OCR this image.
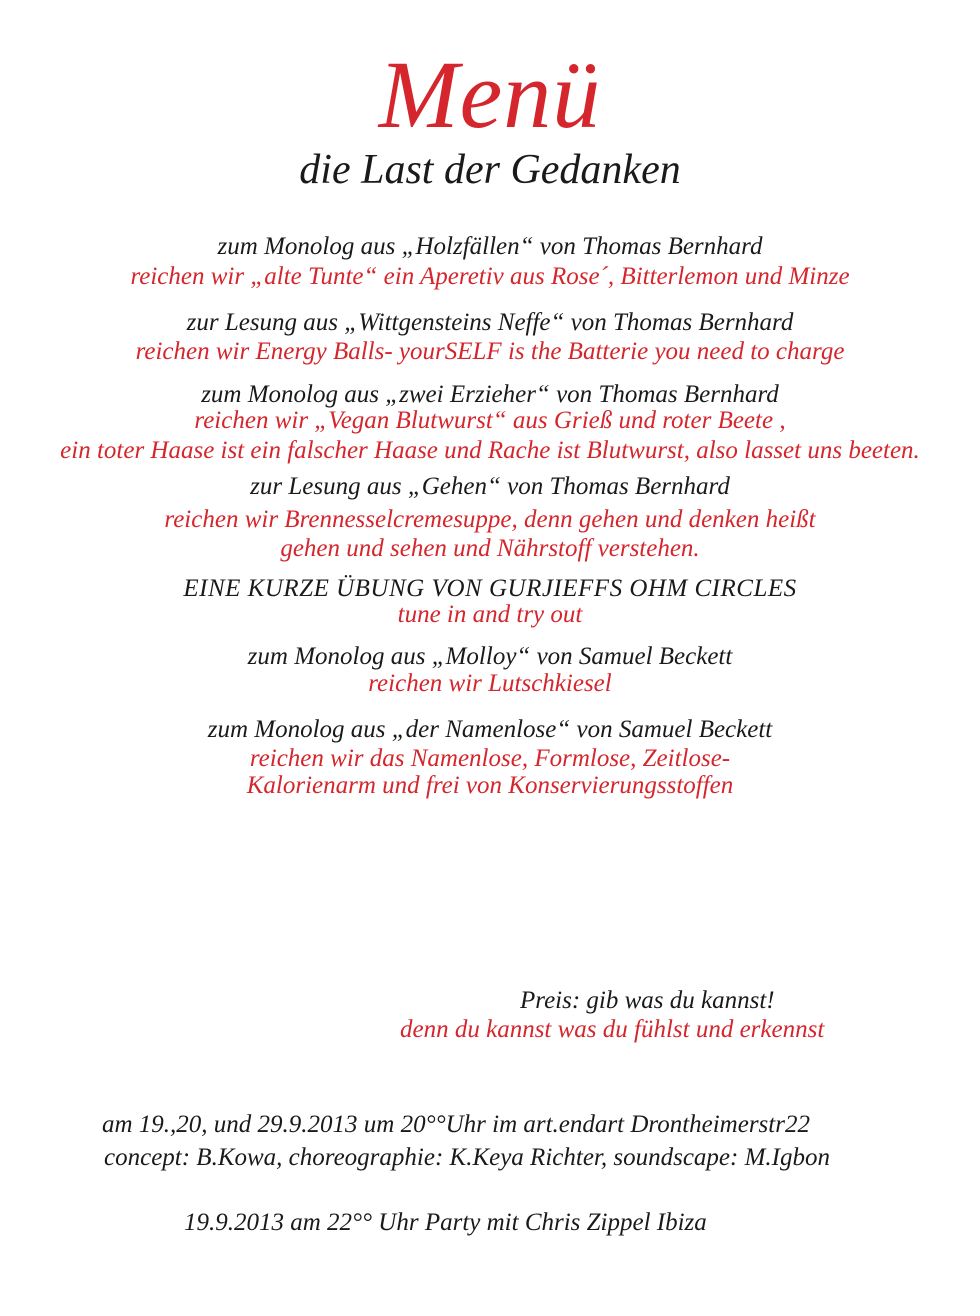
Menü
die Last der Gedanken
zum Monolog aus „Holzfällen“ von Thomas Bernhard
reichen wir „alte Tunte“ ein Aperetiv aus Rose´, Bitterlemon und Minze
zur Lesung aus „Wittgensteins Neffe“ von Thomas Bernhard
reichen wir Energy Balls- yourSELF is the Batterie you need to charge
zum Monolog aus „zwei Erzieher“ von Thomas Bernhard
reichen wir „Vegan Blutwurst“ aus Grieß und roter Beete ,
ein toter Haase ist ein falscher Haase und Rache ist Blutwurst, also lasset uns beeten.
zur Lesung aus „Gehen“ von Thomas Bernhard
reichen wir Brennesselcremesuppe, denn gehen und denken heißt
gehen und sehen und Nährstoff verstehen.
EINE KURZE ÜBUNG VON GURJIEFFS OHM CIRCLES
tune in and try out
zum Monolog aus „Molloy“ von Samuel Beckett
reichen wir Lutschkiesel
zum Monolog aus „der Namenlose“ von Samuel Beckett
reichen wir das Namenlose, Formlose, Zeitlose-
Kalorienarm und frei von Konservierungsstoffen
Preis: gib was du kannst!
denn du kannst was du fühlst und erkennst
am 19.,20, und 29.9.2013 um 20°°Uhr im art.endart Drontheimerstr22
concept: B.Kowa, choreographie: K.Keya Richter, soundscape: M.Igbon
19.9.2013 am 22°° Uhr Party mit Chris Zippel Ibiza
